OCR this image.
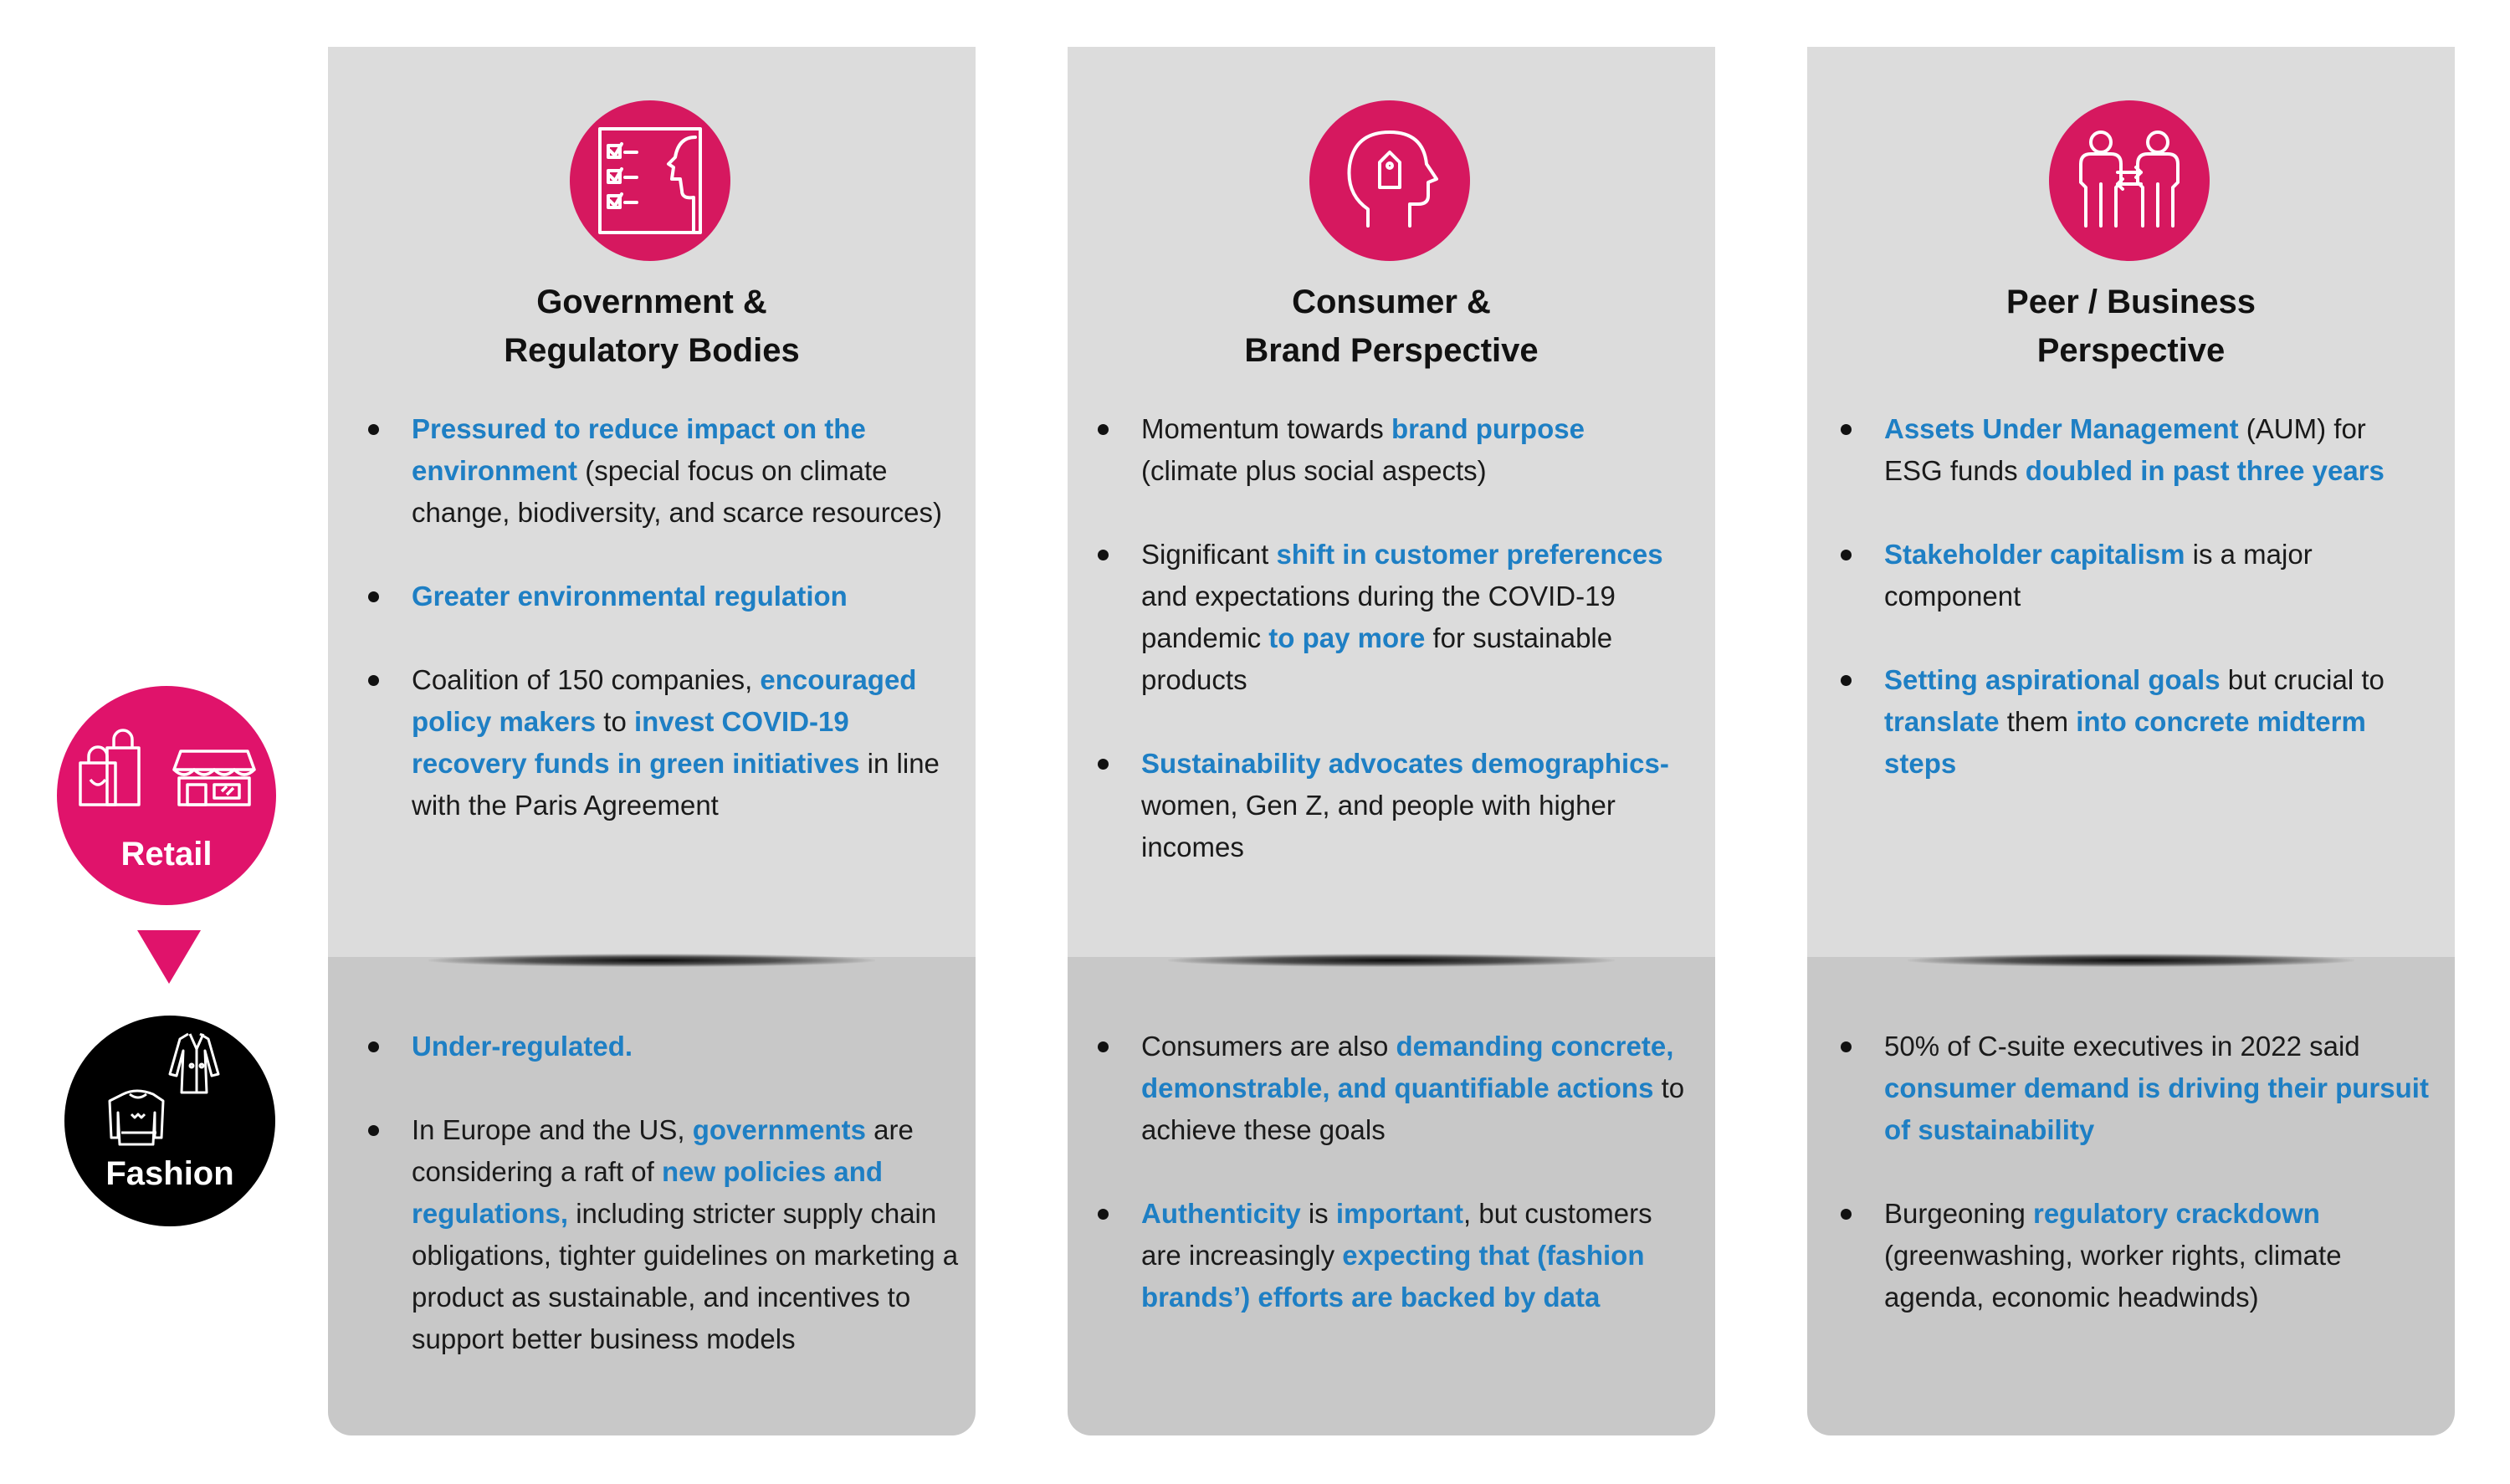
Retail
Fashion
Government &
Regulatory Bodies
Pressured to reduce impact on the environment (special focus on climate change, biodiversity, and scarce resources)
Greater environmental regulation
Coalition of 150 companies, encouraged policy makers to invest COVID-19 recovery funds in green initiatives in line with the Paris Agreement
Under-regulated.
In Europe and the US, governments are considering a raft of new policies and regulations, including stricter supply chain obligations, tighter guidelines on marketing a product as sustainable, and incentives to support better business models
Consumer &
Brand Perspective
Momentum towards brand purpose (climate plus social aspects)
Significant shift in customer preferences and expectations during the COVID-19 pandemic to pay more for sustainable products
Sustainability advocates demographics- women, Gen Z, and people with higher incomes
Consumers are also demanding concrete, demonstrable, and quantifiable actions to achieve these goals
Authenticity is important, but customers are increasingly expecting that (fashion brands’) efforts are backed by data
Peer / Business
Perspective
Assets Under Management (AUM) for ESG funds doubled in past three years
Stakeholder capitalism is a major component
Setting aspirational goals but crucial to translate them into concrete midterm steps
50% of C-suite executives in 2022 said consumer demand is driving their pursuit of sustainability
Burgeoning regulatory crackdown (greenwashing, worker rights, climate agenda, economic headwinds)
